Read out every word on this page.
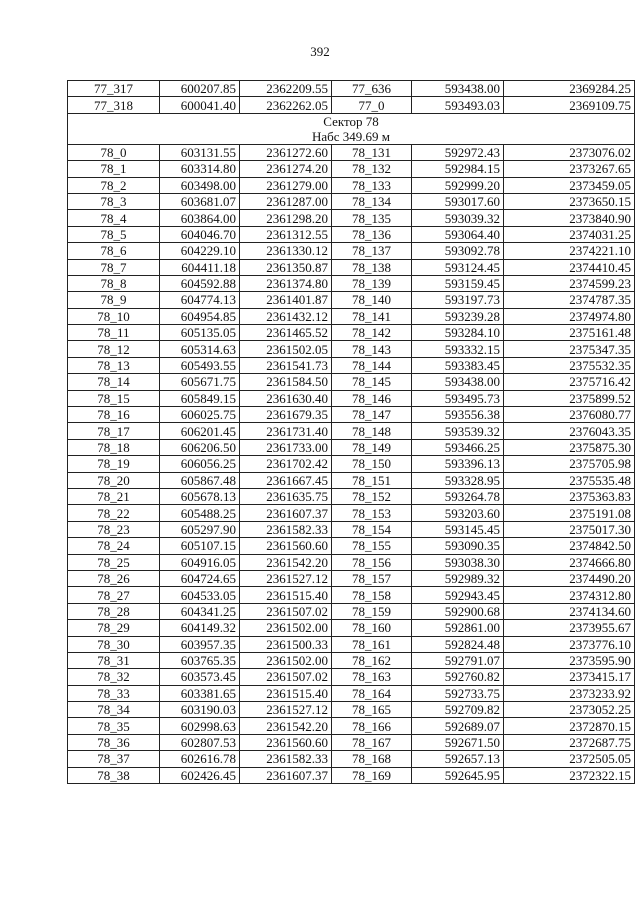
392
77_317	600207.85	2362209.55	77_636	593438.00	2369284.25
77_318	600041.40	2362262.05	77_0	593493.03	2369109.75

Сектор 78
Набс 349.69 м					

78_0	603131.55	2361272.60	78_131	592972.43	2373076.02
78_1	603314.80	2361274.20	78_132	592984.15	2373267.65
78_2	603498.00	2361279.00	78_133	592999.20	2373459.05
78_3	603681.07	2361287.00	78_134	593017.60	2373650.15
78_4	603864.00	2361298.20	78_135	593039.32	2373840.90
78_5	604046.70	2361312.55	78_136	593064.40	2374031.25
78_6	604229.10	2361330.12	78_137	593092.78	2374221.10
78_7	604411.18	2361350.87	78_138	593124.45	2374410.45
78_8	604592.88	2361374.80	78_139	593159.45	2374599.23
78_9	604774.13	2361401.87	78_140	593197.73	2374787.35
78_10	604954.85	2361432.12	78_141	593239.28	2374974.80
78_11	605135.05	2361465.52	78_142	593284.10	2375161.48
78_12	605314.63	2361502.05	78_143	593332.15	2375347.35
78_13	605493.55	2361541.73	78_144	593383.45	2375532.35
78_14	605671.75	2361584.50	78_145	593438.00	2375716.42
78_15	605849.15	2361630.40	78_146	593495.73	2375899.52
78_16	606025.75	2361679.35	78_147	593556.38	2376080.77
78_17	606201.45	2361731.40	78_148	593539.32	2376043.35
78_18	606206.50	2361733.00	78_149	593466.25	2375875.30
78_19	606056.25	2361702.42	78_150	593396.13	2375705.98
78_20	605867.48	2361667.45	78_151	593328.95	2375535.48
78_21	605678.13	2361635.75	78_152	593264.78	2375363.83
78_22	605488.25	2361607.37	78_153	593203.60	2375191.08
78_23	605297.90	2361582.33	78_154	593145.45	2375017.30
78_24	605107.15	2361560.60	78_155	593090.35	2374842.50
78_25	604916.05	2361542.20	78_156	593038.30	2374666.80
78_26	604724.65	2361527.12	78_157	592989.32	2374490.20
78_27	604533.05	2361515.40	78_158	592943.45	2374312.80
78_28	604341.25	2361507.02	78_159	592900.68	2374134.60
78_29	604149.32	2361502.00	78_160	592861.00	2373955.67
78_30	603957.35	2361500.33	78_161	592824.48	2373776.10
78_31	603765.35	2361502.00	78_162	592791.07	2373595.90
78_32	603573.45	2361507.02	78_163	592760.82	2373415.17
78_33	603381.65	2361515.40	78_164	592733.75	2373233.92
78_34	603190.03	2361527.12	78_165	592709.82	2373052.25
78_35	602998.63	2361542.20	78_166	592689.07	2372870.15
78_36	602807.53	2361560.60	78_167	592671.50	2372687.75
78_37	602616.78	2361582.33	78_168	592657.13	2372505.05
78_38	602426.45	2361607.37	78_169	592645.95	2372322.15
